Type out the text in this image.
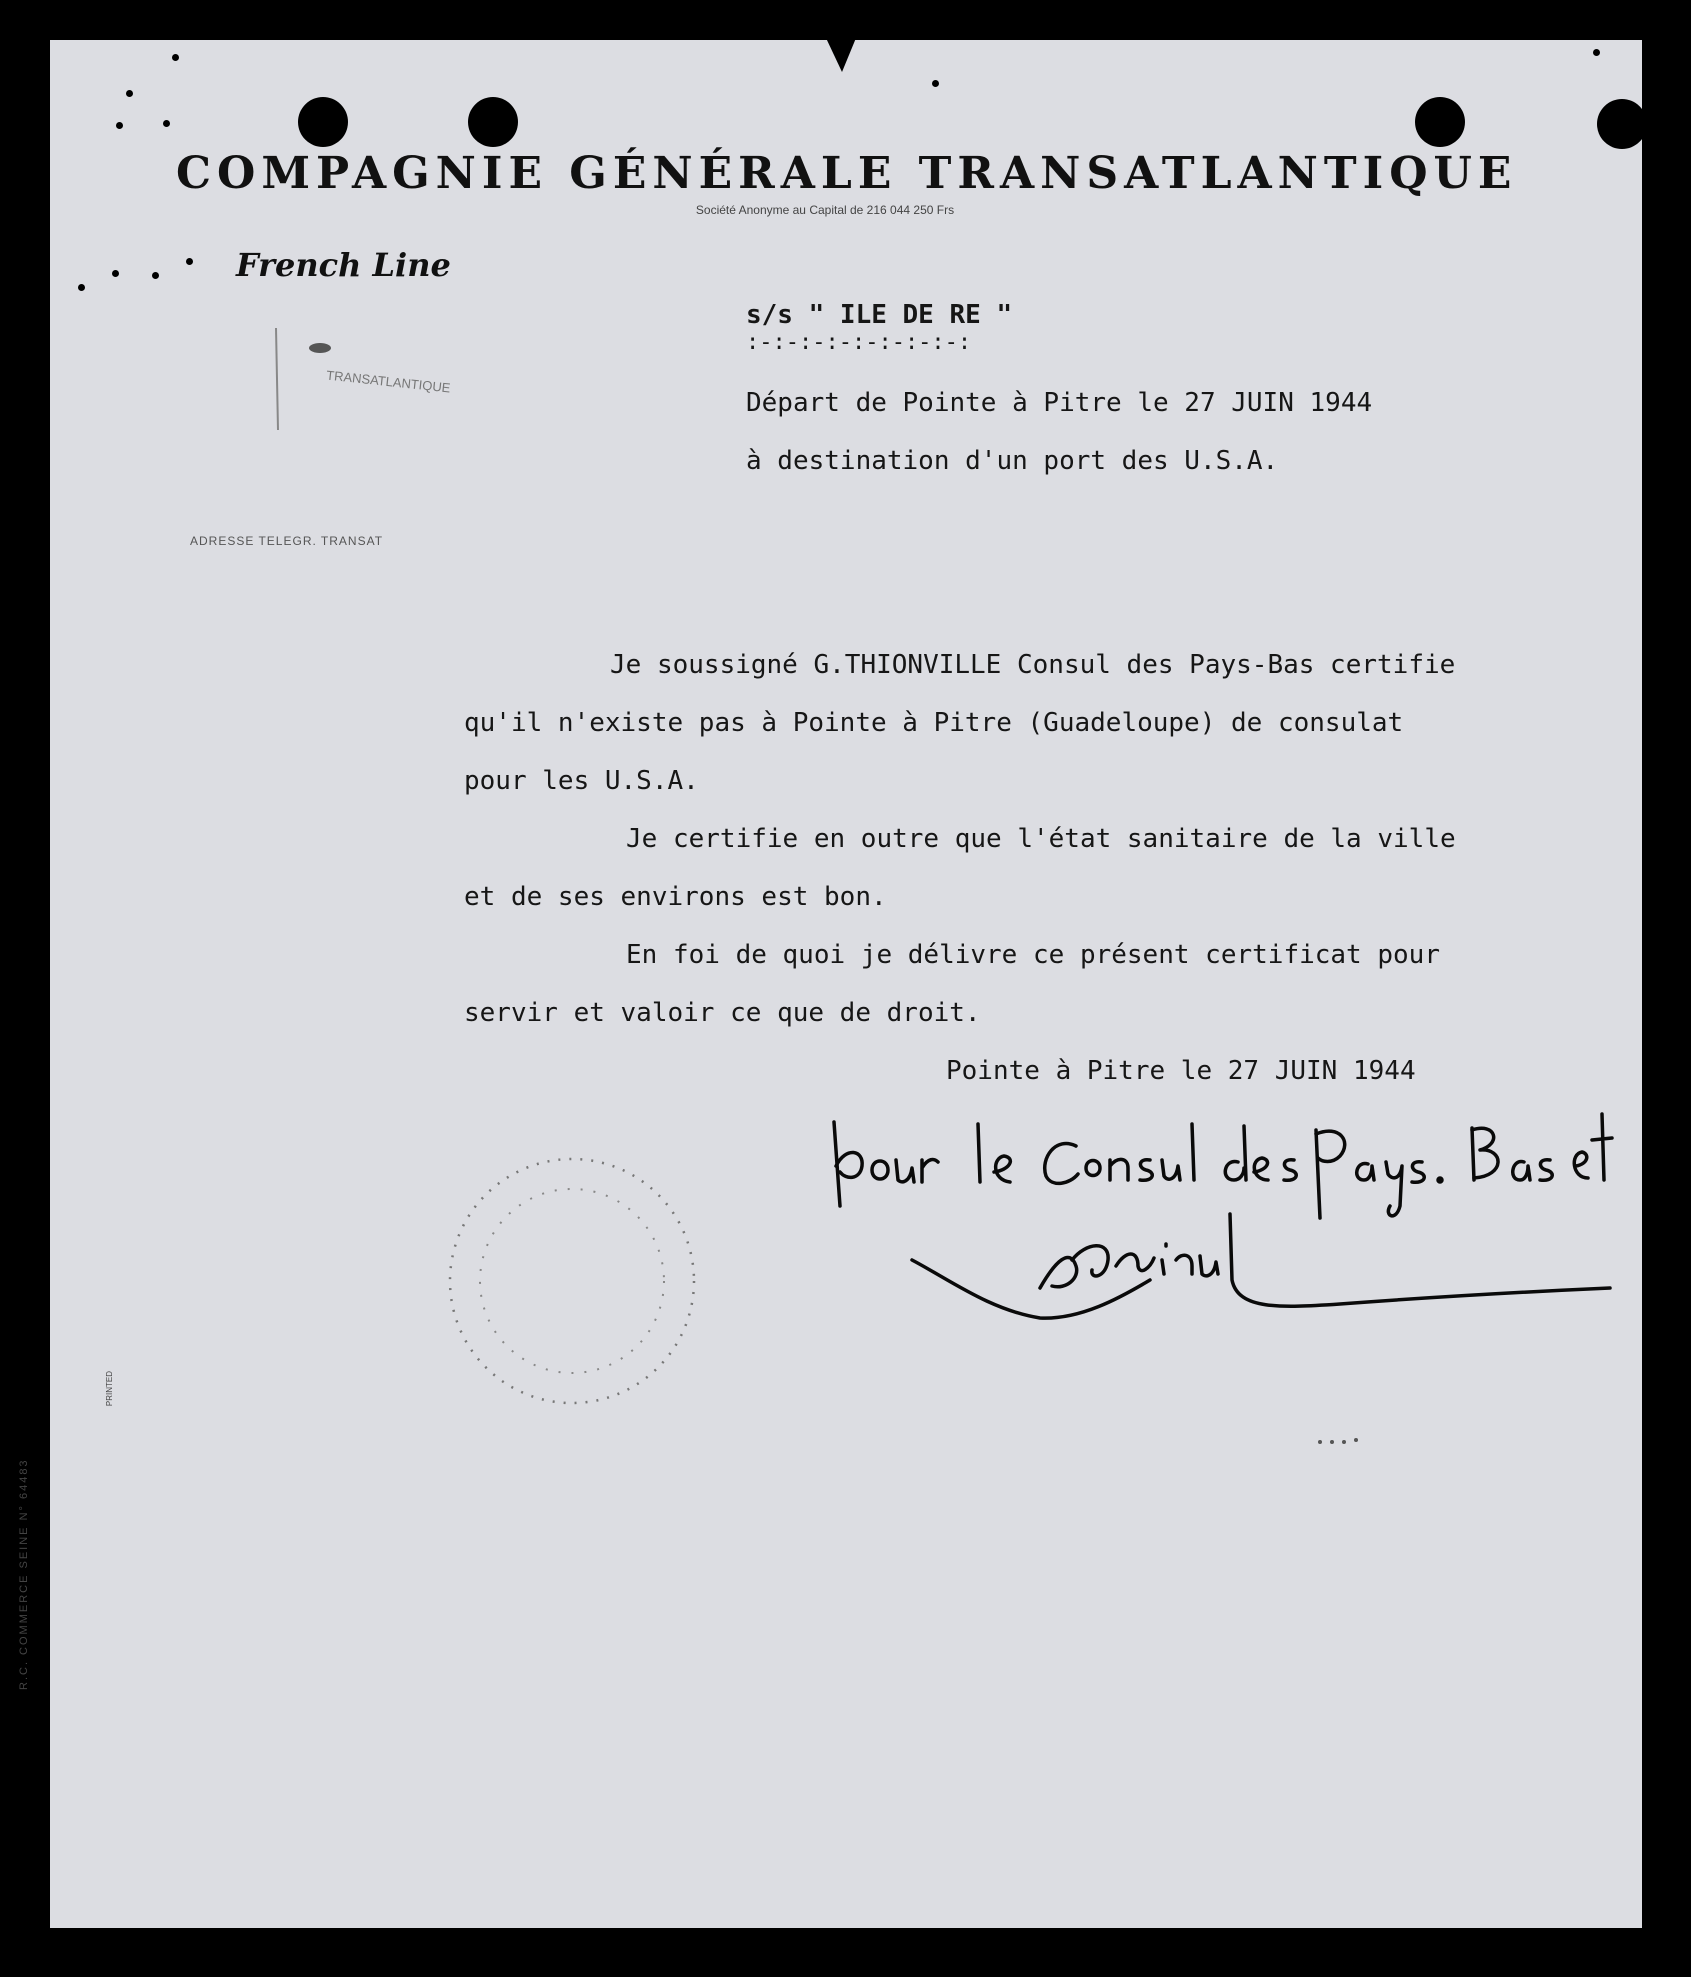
COMPAGNIE GÉNÉRALE TRANSATLANTIQUE
Société Anonyme au Capital de 216 044 250 Frs
French Line
TRANSATLANTIQUE
ADRESSE TELEGR. TRANSAT
s/s " ILE DE RE "
:-:-:-:-:-:-:-:-:
Départ de Pointe à Pitre le 27 JUIN 1944
à destination d'un port des U.S.A.
Je soussigné G.THIONVILLE Consul des Pays-Bas certifie
qu'il n'existe pas à Pointe à Pitre (Guadeloupe) de consulat
pour les U.S.A.
Je certifie en outre que l'état sanitaire de la ville
et de ses environs est bon.
En foi de quoi je délivre ce présent certificat pour
servir et valoir ce que de droit.
Pointe à Pitre le 27 JUIN 1944
R.C. COMMERCE SEINE N° 64483
PRINTED
